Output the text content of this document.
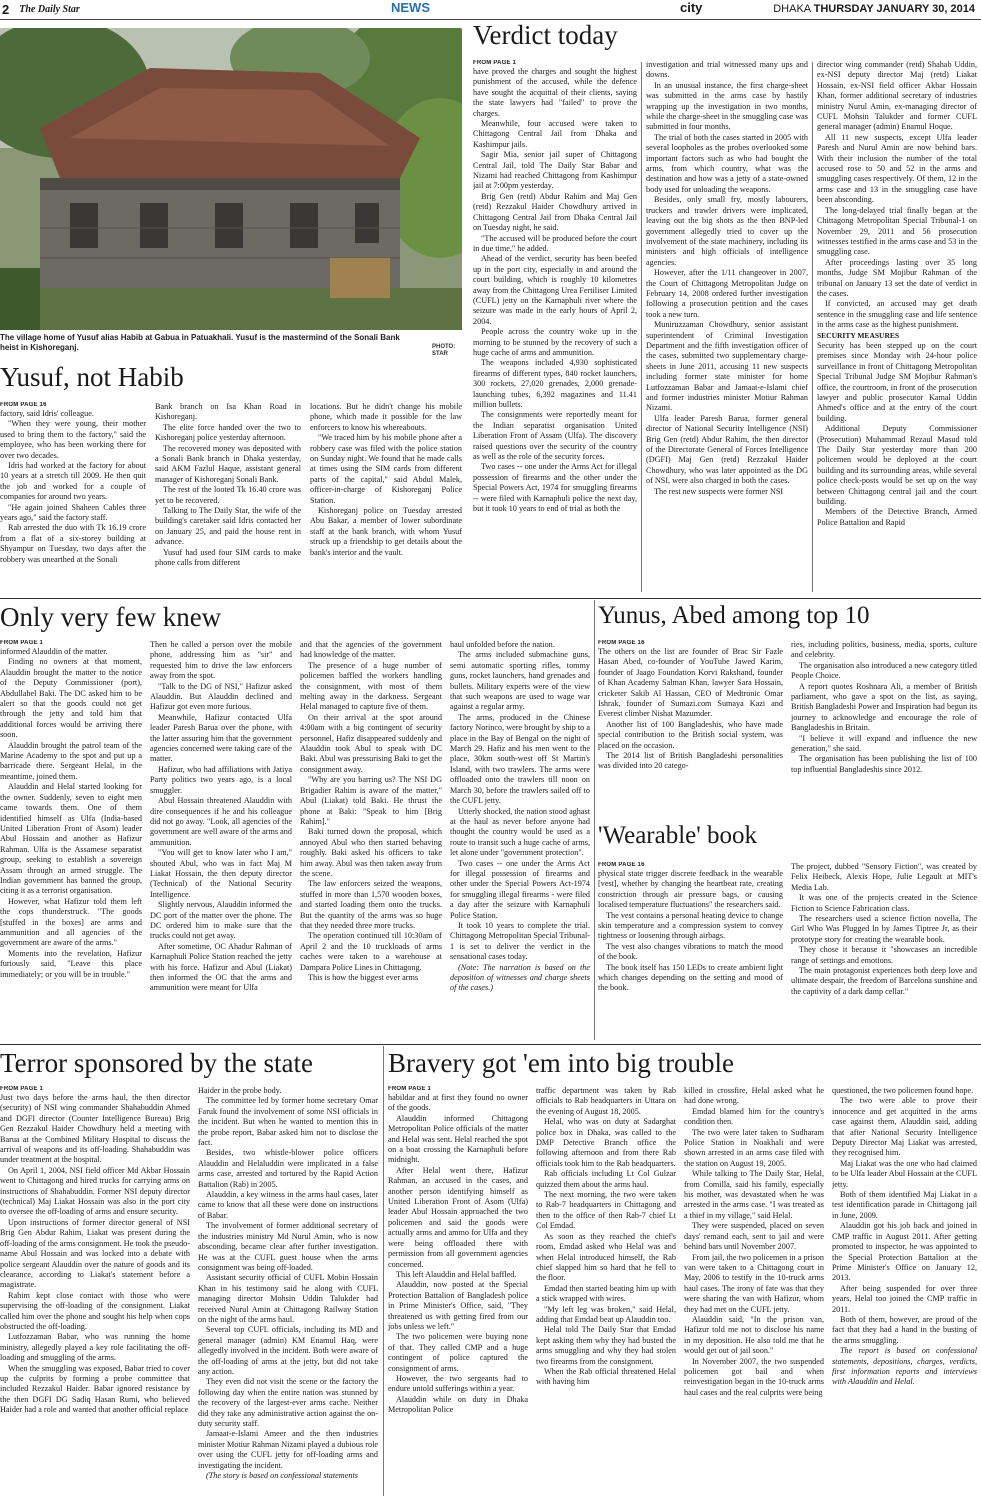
2 The Daily Star	NEWS	city	DHAKA THURSDAY JANUARY 30, 2014
The village home of Yusuf alias Habib at Gabua in Patuakhali. Yusuf is the mastermind of the Sonali Bank heist in Kishoreganj.	PHOTO:
STAR
Verdict today
FROM PAGE 1

have proved the charges and sought the highest punishment of the accused, while the defence have sought the acquittal of their clients, saying the state lawyers had "failed" to prove the charges.

Meanwhile, four accused were taken to Chittagong Central Jail from Dhaka and Kashimpur jails.

Sagir Mia, senior jail super of Chittagong Central Jail, told The Daily Star Babar and Nizami had reached Chittagong from Kashimpur jail at 7:00pm yesterday.

Brig Gen (retd) Abdur Rahim and Maj Gen (retd) Rezzakul Haider Chowdhury arrived in Chittagong Central Jail from Dhaka Central Jail on Tuesday night, he said.

"The accused will be produced before the court in due time," he added.

Ahead of the verdict, security has been beefed up in the port city, especially in and around the court building, which is roughly 10 kilometres away from the Chittagong Urea Fertiliser Limited (CUFL) jetty on the Karnaphuli river where the seizure was made in the early hours of April 2, 2004.

People across the country woke up in the morning to be stunned by the recovery of such a huge cache of arms and ammunition.

The weapons included 4,930 sophisticated firearms of different types, 840 rocket launchers, 300 rockets, 27,020 grenades, 2,000 grenade-launching tubes, 6,392 magazines and 11.41 million bullets.

The consignments were reportedly meant for the Indian separatist organisation United Liberation Front of Assam (Ulfa). The discovery raised questions over the security of the country as well as the role of the security forces.

Two cases -- one under the Arms Act for illegal possession of firearms and the other under the Special Powers Act, 1974 for smuggling firearms -- were filed with Karnaphuli police the next day, but it took 10 years to end of trial as both the

investigation and trial witnessed many ups and downs.

In an unusual instance, the first charge-sheet was submitted in the arms case by hastily wrapping up the investigation in two months, while the charge-sheet in the smuggling case was submitted in four months.

The trial of both the cases started in 2005 with several loopholes as the probes overlooked some important factors such as who had bought the arms, from which country, what was the destination and how was a jetty of a state-owned body used for unloading the weapons.

Besides, only small fry, mostly labourers, truckers and trawler drivers were implicated, leaving out the big shots as the then BNP-led government allegedly tried to cover up the involvement of the state machinery, including its ministers and high officials of intelligence agencies.

However, after the 1/11 changeover in 2007, the Court of Chittagong Metropolitan Judge on February 14, 2008 ordered further investigation following a prosecution petition and the cases took a new turn.

Muniruzzaman Chowdhury, senior assistant superintendent of Criminal Investigation Department and the fifth investigation officer of the cases, submitted two supplementary charge-sheets in June 2011, accusing 11 new suspects including former state minister for home Lutfozzaman Babar and Jamaat-e-Islami chief and former industries minister Motiur Rahman Nizami.

Ulfa leader Paresh Barua, former general director of National Security Intelligence (NSI) Brig Gen (retd) Abdur Rahim, the then director of the Directorate General of Forces Intelligence (DGFI) Maj Gen (retd) Rezzakul Haider Chowdhury, who was later appointed as the DG of NSI, were also charged in both the cases.

The rest new suspects were former NSI

director wing commander (retd) Shahab Uddin, ex-NSI deputy director Maj (retd) Liakat Hossain, ex-NSI field officer Akbar Hossain Khan, former additional secretary of industries ministry Nurul Amin, ex-managing director of CUFL Mohsin Talukder and former CUFL general manager (admin) Enamul Hoque.

All 11 new suspects, except Ulfa leader Paresh and Nurul Amin are now behind bars. With their inclusion the number of the total accused rose to 50 and 52 in the arms and smuggling cases respectively. Of them, 12 in the arms case and 13 in the smuggling case have been absconding.

The long-delayed trial finally began at the Chittagong Metropolitan Special Tribunal-1 on November 29, 2011 and 56 prosecution witnesses testified in the arms case and 53 in the smuggling case.

After proceedings lasting over 35 long months, Judge SM Mojibur Rahman of the tribunal on January 13 set the date of verdict in the cases.

If convicted, an accused may get death sentence in the smuggling case and life sentence in the arms case as the highest punishment.

SECURITY MEASURES

Security has been stepped up on the court premises since Monday with 24-hour police surveillance in front of Chittagong Metropolitan Special Tribunal Judge SM Mojibur Rahman's office, the courtroom, in front of the prosecution lawyer and public prosecutor Kamal Uddin Ahmed's office and at the entry of the court building.

Additional Deputy Commissioner (Prosecution) Muhammad Rezaul Masud told The Daily Star yesterday more than 200 policemen would be deployed at the court building and its surrounding areas, while several police check-posts would be set up on the way between Chittagong central jail and the court building.

Members of the Detective Branch, Armed Police Battalion and Rapid

Yusuf, not Habib
FROM PAGE 16

factory, said Idris' colleague.

"When they were young, their mother used to bring them to the factory," said the employee, who has been working there for over two decades.

Idris had worked at the factory for about 10 years at a stretch till 2009. He then quit the job and worked for a couple of companies for around two years.

"He again joined Shaheen Cables three years ago," said the factory staff.

Rab arrested the duo with Tk 16.19 crore from a flat of a six-storey building at Shyampur on Tuesday, two days after the robbery was unearthed at the Sonali

Bank branch on Isa Khan Road in Kishoreganj.

The elite force handed over the two to Kishoreganj police yesterday afternoon.

The recovered money was deposited with a Sonali Bank branch in Dhaka yesterday, said AKM Fazlul Haque, assistant general manager of Kishoreganj Sonali Bank.

The rest of the looted Tk 16.40 crore was yet to be recovered.

Talking to The Daily Star, the wife of the building's caretaker said Idris contacted her on January 25, and paid the house rent in advance.

Yusuf had used four SIM cards to make phone calls from different

locations. But he didn't change his mobile phone, which made it possible for the law enforcers to know his whereabouts.

"We traced him by his mobile phone after a robbery case was filed with the police station on Sunday night. We found that he made calls at times using the SIM cards from different parts of the capital," said Abdul Malek, officer-in-charge of Kishoreganj Police Station.

Kishoreganj police on Tuesday arrested Abu Bakar, a member of lower subordinate staff at the bank branch, with whom Yusuf struck up a friendship to get details about the bank's interior and the vault.

Only very few knew
FROM PAGE 1

informed Alauddin of the matter.

Finding no owners at that moment, Alauddin brought the matter to the notice of the Deputy Commissioner (port), Abdullahel Baki. The DC asked him to be alert so that the goods could not get through the jetty and told him that additional forces would be arriving there soon.

Alauddin brought the patrol team of the Marine Academy to the spot and put up a barricade there. Sergeant Helal, in the meantime, joined them.

Alauddin and Helal started looking for the owner. Suddenly, seven to eight men came towards them. One of them identified himself as Ulfa (India-based United Liberation Front of Asom) leader Abul Hossain and another as Hafizur Rahman. Ulfa is the Assamese separatist group, seeking to establish a sovereign Assam through an armed struggle. The Indian government has banned the group, citing it as a terrorist organisation.

However, what Hafizur told them left the cops thunderstruck. "The goods [stuffed in the boxes] are arms and ammunition and all agencies of the government are aware of the arms."

Moments into the revelation, Hafizur furiously said, "Leave this place immediately; or you will be in trouble."

Then he called a person over the mobile phone, addressing him as "sir" and requested him to drive the law enforcers away from the spot.

"Talk to the DG of NSI," Hafizur asked Alauddin. But Alauddin declined and Hafizur got even more furious.

Meanwhile, Hafizur contacted Ulfa leader Paresh Barua over the phone, with the latter assuring him that the government agencies concerned were taking care of the matter.

Hafizur, who had affiliations with Jatiya Party politics two years ago, is a local smuggler.

Abul Hossain threatened Alauddin with dire consequences if he and his colleague did not go away. "Look, all agencies of the government are well aware of the arms and ammunition.

"You will get to know later who I am," shouted Abul, who was in fact Maj M Liakat Hossain, the then deputy director (Technical) of the National Security Intelligence.

Slightly nervous, Alauddin informed the DC port of the matter over the phone. The DC ordered him to make sure that the trucks could not get away.

After sometime, OC Ahadur Rahman of Karnaphuli Police Station reached the jetty with his force. Hafizur and Abul (Liakat) then informed the OC that the arms and ammunition were meant for Ulfa

and that the agencies of the government had knowledge of the matter.

The presence of a huge number of policemen baffled the workers handling the consignment, with most of them melting away in the darkness. Sergeant Helal managed to capture five of them.

On their arrival at the spot around 4:00am with a big contingent of security personnel, Hafiz disappeared suddenly and Alauddin took Abul to speak with DC Baki. Abul was pressurising Baki to get the consignment away.

"Why are you barring us? The NSI DG Brigadier Rahim is aware of the matter," Abul (Liakat) told Baki. He thrust the phone at Baki: "Speak to him [Brig Rahim]."

Baki turned down the proposal, which annoyed Abul who then started behaving roughly. Baki asked his officers to take him away. Abul was then taken away from the scene.

The law enforcers seized the weapons, stuffed in more than 1,570 wooden boxes, and started loading them onto the trucks. But the quantity of the arms was so huge that they needed three more trucks.

The operation continued till 10:30am of April 2 and the 10 truckloads of arms caches were taken to a warehouse at Dampara Police Lines in Chittagong.

This is how the biggest ever arms

haul unfolded before the nation.

The arms included submachine guns, semi automatic sporting rifles, tommy guns, rocket launchers, hand grenades and bullets. Military experts were of the view that such weapons are used to wage war against a regular army.

The arms, produced in the Chinese factory Norinco, were brought by ship to a place in the Bay of Bengal on the night of March 29. Hafiz and his men went to the place, 30km south-west off St Martin's Island, with two trawlers. The arms were offloaded onto the trawlers till noon on March 30, before the trawlers sailed off to the CUFL jetty.

Utterly shocked, the nation stood aghast at the haul as never before anyone had thought the country would be used as a route to transit such a huge cache of arms, let alone under "government protection".

Two cases -- one under the Arms Act for illegal possession of firearms and other under the Special Powers Act-1974 for smuggling illegal firearms - were filed a day after the seizure with Karnaphuli Police Station.

It took 10 years to complete the trial. Chittagong Metropolitan Special Tribunal-1 is set to deliver the verdict in the sensational cases today.

(Note: The narration is based on the deposition of witnesses and charge sheets of the cases.)

Yunus, Abed among top 10
FROM PAGE 16

The others on the list are founder of Brac Sir Fazle Hasan Abed, co-founder of YouTube Jawed Karim, founder of Jaago Foundation Korvi Rakshand, founder of Khan Academy Salman Khan, lawyer Sara Hossain, cricketer Sakib Al Hassan, CEO of Medtronic Omar Ishrak, founder of Sumazi.com Sumaya Kazi and Everest climber Nishat Mazumder.

Another list of 100 Bangladeshis, who have made special contribution to the British social system, was placed on the occasion.

The 2014 list of British Bangladeshi personalities was divided into 20 catego-

ries, including politics, business, media, sports, culture and celebrity.

The organisation also introduced a new category titled People Choice.

A report quotes Roshnara Ali, a member of British parliament, who gave a spot on the list, as saying, British Bangladeshi Power and Inspiration had begun its journey to acknowledge and encourage the role of Bangladeshis in Britain.

"I believe it will expand and influence the new generation," she said.

The organisation has been publishing the list of 100 top influential Bangladeshis since 2012.

'Wearable' book
FROM PAGE 16

physical state trigger discrete feedback in the wearable [vest], whether by changing the heartbeat rate, creating constriction through air pressure bags, or causing localised temperature fluctuations" the researchers said.

The vest contains a personal heating device to change skin temperature and a compression system to convey tightness or loosening through airbags.

The vest also changes vibrations to match the mood of the book.

The book itself has 150 LEDs to create ambient light which changes depending on the setting and mood of the book.

The project, dubbed "Sensory Fiction", was created by Felix Heibeck, Alexis Hope, Julie Legault at MIT's Media Lab.

It was one of the projects created in the Science Fiction to Science Fabrication class.

The researchers used a science fiction novella, The Girl Who Was Plugged In by James Tiptree Jr, as their prototype story for creating the wearable book.

They chose it because it "showcases an incredible range of settings and emotions.

The main protagonist experiences both deep love and ultimate despair, the freedom of Barcelona sunshine and the captivity of a dark damp cellar."

Terror sponsored by the state
FROM PAGE 1

Just two days before the arms haul, the then director (security) of NSI wing commander Shahabuddin Ahmed and DGFI director (Counter Intelligence Bureau) Brig Gen Rezzakul Haider Chowdhury held a meeting with Barua at the Combined Military Hospital to discuss the arrival of weapons and its off-loading. Shahabuddin was under treatment at the hospital.

On April 1, 2004, NSI field officer Md Akbar Hossain went to Chittagong and hired trucks for carrying arms on instructions of Shahabuddin. Former NSI deputy director (technical) Maj Liakat Hossain was also in the port city to oversee the off-loading of arms and ensure security.

Upon instructions of former director general of NSI Brig Gen Abdur Rahim, Liakat was present during the off-loading of the arms consignment. He took the pseudo-name Abul Hossain and was locked into a debate with police sergeant Alauddin over the nature of goods and its clearance, according to Liakat's statement before a magistrate.

Rahim kept close contact with those who were supervising the off-loading of the consignment. Liakat called him over the phone and sought his help when cops obstructed the off-loading.

Lutfozzaman Babar, who was running the home ministry, allegedly played a key role facilitating the off-loading and smuggling of the arms.

When the smuggling was exposed, Babar tried to cover up the culprits by forming a probe committee that included Rezzakul Haider. Babar ignored resistance by the then DGFI DG Sadiq Hasan Rumi, who believed Haider had a role and wanted that another official replace

Haider in the probe body.

The committee led by former home secretary Omar Faruk found the involvement of some NSI officials in the incident. But when he wanted to mention this in the probe report, Babar asked him not to disclose the fact.

Besides, two whistle-blower police officers Alauddin and Helaluddin were implicated in a false arms case, arrested and tortured by the Rapid Action Battalion (Rab) in 2005.

Alauddin, a key witness in the arms haul cases, later came to know that all these were done on instructions of Babar.

The involvement of former additional secretary of the industries ministry Md Nurul Amin, who is now absconding, became clear after further investigation. He was at the CUFL guest house when the arms consignment was being off-loaded.

Assistant security official of CUFL Mobin Hossain Khan in his testimony said he along with CUFL managing director Mohsin Uddin Talukder had received Nurul Amin at Chittagong Railway Station on the night of the arms haul.

Several top CUFL officials, including its MD and general manager (admin) KM Enamul Haq, were allegedly involved in the incident. Both were aware of the off-loading of arms at the jetty, but did not take any action.

They even did not visit the scene or the factory the following day when the entire nation was stunned by the recovery of the largest-ever arms cache. Neither did they take any administrative action against the on-duty security staff.

Jamaat-e-Islami Ameer and the then industries minister Motiur Rahman Nizami played a dubious role over using the CUFL jetty for off-loading arms and investigating the incident.

(The story is based on confessional statements

Bravery got 'em into big trouble
FROM PAGE 1

habildar and at first they found no owner of the goods.

Alauddin informed Chittagong Metropolitan Police officials of the matter and Helal was sent. Helal reached the spot on a boat crossing the Karnaphuli before midnight.

After Helal went there, Hafizur Rahman, an accused in the cases, and another person identifying himself as United Liberation Front of Asom (Ulfa) leader Abul Hossain approached the two policemen and said the goods were actually arms and ammo for Ulfa and they were being offloaded there with permission from all government agencies concerned.

This left Alauddin and Helal baffled.

Alauddin, now posted at the Special Protection Battalion of Bangladesh police in Prime Minister's Office, said, "They threatened us with getting fired from our jobs unless we left."

The two policemen were buying none of that. They called CMP and a huge contingent of police captured the consignment of arms.

However, the two sergeants had to endure untold sufferings within a year.

Alauddin while on duty in Dhaka Metropolitan Police

traffic department was taken by Rab officials to Rab headquarters in Uttara on the evening of August 18, 2005.

Helal, who was on duty at Sadarghat police box in Dhaka, was called to the DMP Detective Branch office the following afternoon and from there Rab officials took him to the Rab headquarters.

Rab officials including Lt Col Gulzar quizzed them about the arms haul.

The next morning, the two were taken to Rab-7 headquarters in Chittagong and then to the office of then Rab-7 chief Lt Col Emdad.

As soon as they reached the chief's room, Emdad asked who Helal was and when Helal introduced himself, the Rab chief slapped him so hard that he fell to the floor.

Emdad then started beating him up with a stick wrapped with wires.

"My left leg was broken," said Helal, adding that Emdad beat up Alauddin too.

Helal told The Daily Star that Emdad kept asking them why they had busted the arms smuggling and why they had stolen two firearms from the consignment.

When the Rab official threatened Helal with having him

killed in crossfire, Helal asked what he had done wrong.

Emdad blamed him for the country's condition then.

The two were later taken to Sudharam Police Station in Noakhali and were shown arrested in an arms case filed with the station on August 19, 2005.

While talking to The Daily Star, Helal, from Comilla, said his family, especially his mother, was devastated when he was arrested in the arms case. "I was treated as a thief in my village," said Helal.

They were suspended, placed on seven days' remand each, sent to jail and were behind bars until November 2007.

From jail, the two policemen in a prison van were taken to a Chittagong court in May, 2006 to testify in the 10-truck arms haul cases. The irony of fate was that they were sharing the van with Hafizur, whom they had met on the CUFL jetty.

Alauddin said, "In the prison van, Hafizur told me not to disclose his name in my deposition. He also told me that he would get out of jail soon."

In November 2007, the two suspended policemen got bail and when reinvestigation began in the 10-truck arms haul cases and the real culprits were being

questioned, the two policemen found hope.

The two were able to prove their innocence and get acquitted in the arms case against them, Alauddin said, adding that after National Security Intelligence Deputy Director Maj Liakat was arrested, they recognised him.

Maj Liakat was the one who had claimed to be Ulfa leader Abul Hossain at the CUFL jetty.

Both of them identified Maj Liakat in a test identification parade in Chittagong jail in June, 2009.

Alauddin got his job back and joined in CMP traffic in August 2011. After getting promoted to inspector, he was appointed to the Special Protection Battalion at the Prime Minister's Office on January 12, 2013.

After being suspended for over three years, Helal too joined the CMP traffic in 2011.

Both of them, however, are proud of the fact that they had a hand in the busting of the arms smuggling.

The report is based on confessional statements, depositions, charges, verdicts, first information reports and interviews with Alauddin and Helal.
